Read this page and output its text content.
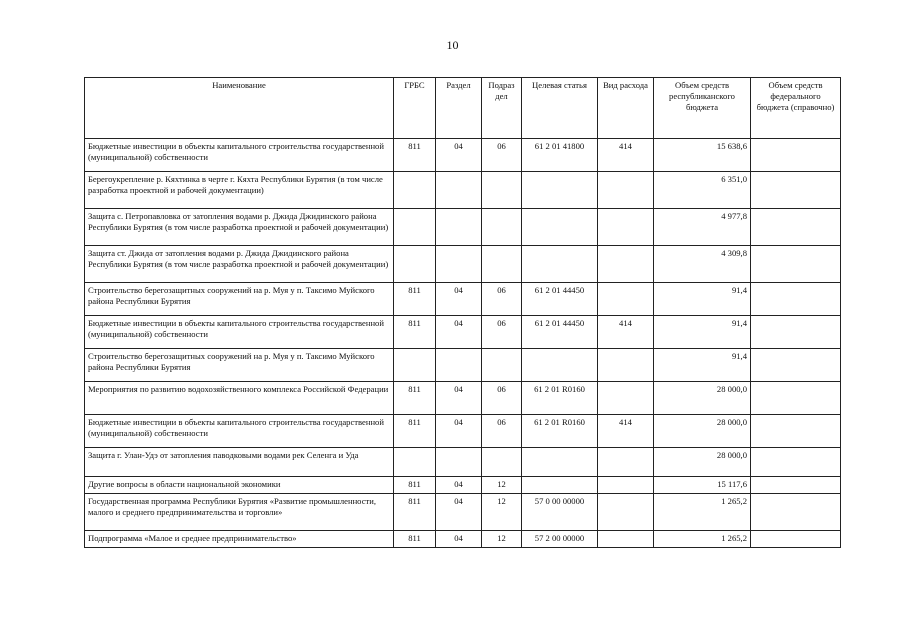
10
Наименование	ГРБС	Раздел	Подраз дел	Целевая статья	Вид расхода	Объем средств республиканского бюджета	Объем средств федерального бюджета (справочно)
Бюджетные инвестиции в объекты капитального строительства государственной (муниципальной) собственности	811	04	06	61 2 01 41800	414	15 638,6	
Берегоукрепление р. Кяхтинка в черте г. Кяхта Республики Бурятия (в том числе разработка проектной и рабочей документации)						6 351,0	
Защита с. Петропавловка от затопления водами р. Джида Джидинского района Республики Бурятия (в том числе разработка проектной и рабочей документации)						4 977,8	
Защита ст. Джида от затопления водами р. Джида Джидинского района Республики Бурятия (в том числе разработка проектной и рабочей документации)						4 309,8	
Строительство берегозащитных сооружений на р. Муя у п. Таксимо Муйского района Республики Бурятия	811	04	06	61 2 01 44450		91,4	
Бюджетные инвестиции в объекты капитального строительства государственной (муниципальной) собственности	811	04	06	61 2 01 44450	414	91,4	
Строительство берегозащитных сооружений на р. Муя у п. Таксимо Муйского района Республики Бурятия						91,4	
Мероприятия по развитию водохозяйственного комплекса Российской Федерации	811	04	06	61 2 01 R0160		28 000,0	
Бюджетные инвестиции в объекты капитального строительства государственной (муниципальной) собственности	811	04	06	61 2 01 R0160	414	28 000,0	
Защита г. Улан-Удэ от затопления паводковыми водами рек Селенга и Уда						28 000,0	
Другие вопросы в области национальной экономики	811	04	12			15 117,6	
Государственная программа Республики Бурятия «Развитие промышленности, малого и среднего предпринимательства и торговли»	811	04	12	57 0 00 00000		1 265,2	
Подпрограмма «Малое и среднее предпринимательство»	811	04	12	57 2 00 00000		1 265,2	
